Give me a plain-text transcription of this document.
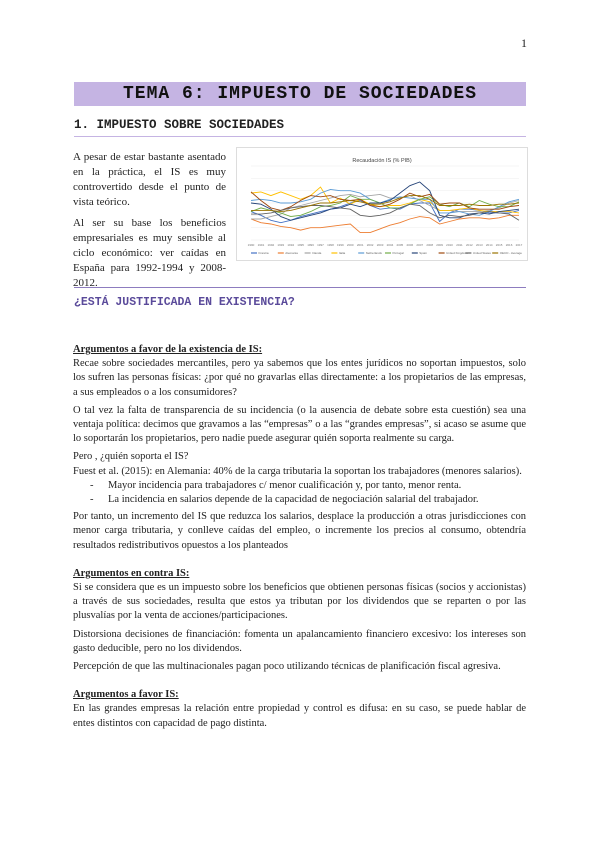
1
TEMA 6: IMPUESTO DE SOCIEDADES
1. IMPUESTO SOBRE SOCIEDADES

A pesar de estar bastante asentado en la práctica, el IS es muy controvertido desde el punto de vista teórico.

Al ser su base los beneficios empresariales es muy sensible al ciclo económico: ver caídas en España para 1992-1994 y 2008-2012.

Recaudación IS (% PIB)
1990 1991 1992 1993 1994 1995 1996 1997 1998 1999 2000 2001 2002 2003 2004 2005 2006 2007 2008 2009 2010 2011 2012 2013 2014 2015 2016 2017
Francia	Alemania	Irlanda	Italia	Netherlands	Portugal	Spain	United Kingdom United States	OECD - Average
¿ESTÁ JUSTIFICADA EN EXISTENCIA?

Argumentos a favor de la existencia de IS:

Recae sobre sociedades mercantiles, pero ya sabemos que los entes jurídicos no soportan impuestos, solo los sufren las personas físicas: ¿por qué no gravarlas ellas directamente: a los propietarios de las empresas, a sus empleados o a los consumidores?

O tal vez la falta de transparencia de su incidencia (o la ausencia de debate sobre esta cuestión) sea una ventaja política: decimos que gravamos a las “empresas” o a las “grandes empresas”, si acaso se asume que lo soportarán los propietarios, pero nadie puede asegurar quién soporta realmente su carga.

Pero , ¿quién soporta el IS?

Fuest et al. (2015): en Alemania: 40% de la carga tributaria la soportan los trabajadores (menores salarios).

- Mayor incidencia para trabajadores c/ menor cualificación y, por tanto, menor renta.
- La incidencia en salarios depende de la capacidad de negociación salarial del trabajador.

Por tanto, un incremento del IS que reduzca los salarios, desplace la producción a otras jurisdicciones con menor carga tributaria, y conlleve caídas del empleo, o incremente los precios al consumo, obtendría resultados redistributivos opuestos a los planteados

Argumentos en contra IS:

Si se considera que es un impuesto sobre los beneficios que obtienen personas físicas (socios y accionistas) a través de sus sociedades, resulta que estos ya tributan por los dividendos que se reparten o por las plusvalías por la venta de acciones/participaciones.

Distorsiona decisiones de financiación: fomenta un apalancamiento financiero excesivo: los intereses son gasto deducible, pero no los dividendos.

Percepción de que las multinacionales pagan poco utilizando técnicas de planificación fiscal agresiva.

Argumentos a favor IS:

En las grandes empresas la relación entre propiedad y control es difusa: en su caso, se puede hablar de entes distintos con capacidad de pago distinta.
